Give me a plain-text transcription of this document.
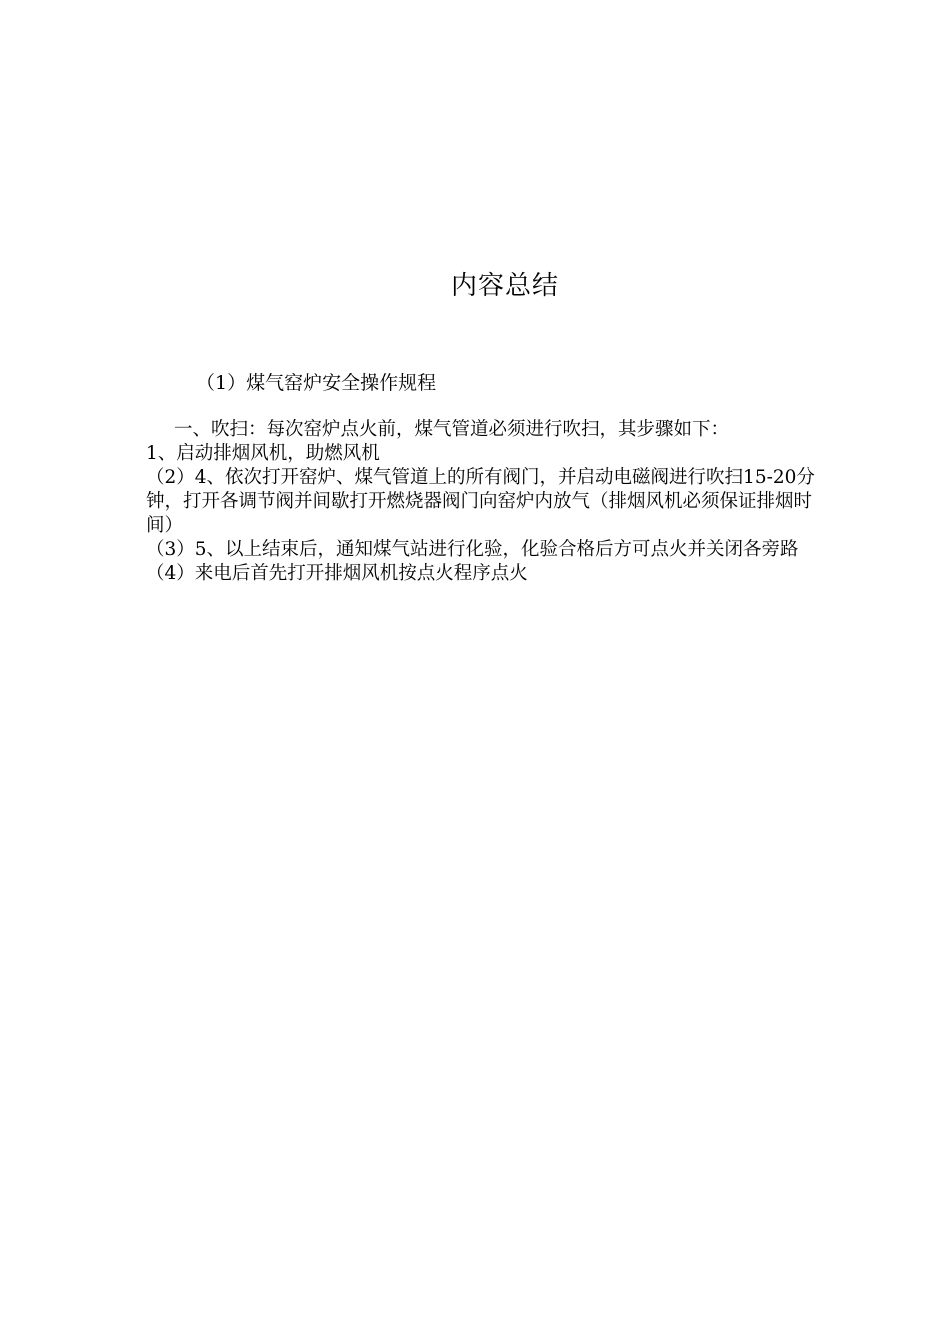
内容总结
（1）煤气窑炉安全操作规程

一、吹扫：每次窑炉点火前，煤气管道必须进行吹扫，其步骤如下：

1、启动排烟风机，助燃风机

（2）4、依次打开窑炉、煤气管道上的所有阀门，并启动电磁阀进行吹扫15-20分钟，打开各调节阀并间歇打开燃烧器阀门向窑炉内放气（排烟风机必须保证排烟时间）

（3）5、以上结束后，通知煤气站进行化验，化验合格后方可点火并关闭各旁路

（4）来电后首先打开排烟风机按点火程序点火
